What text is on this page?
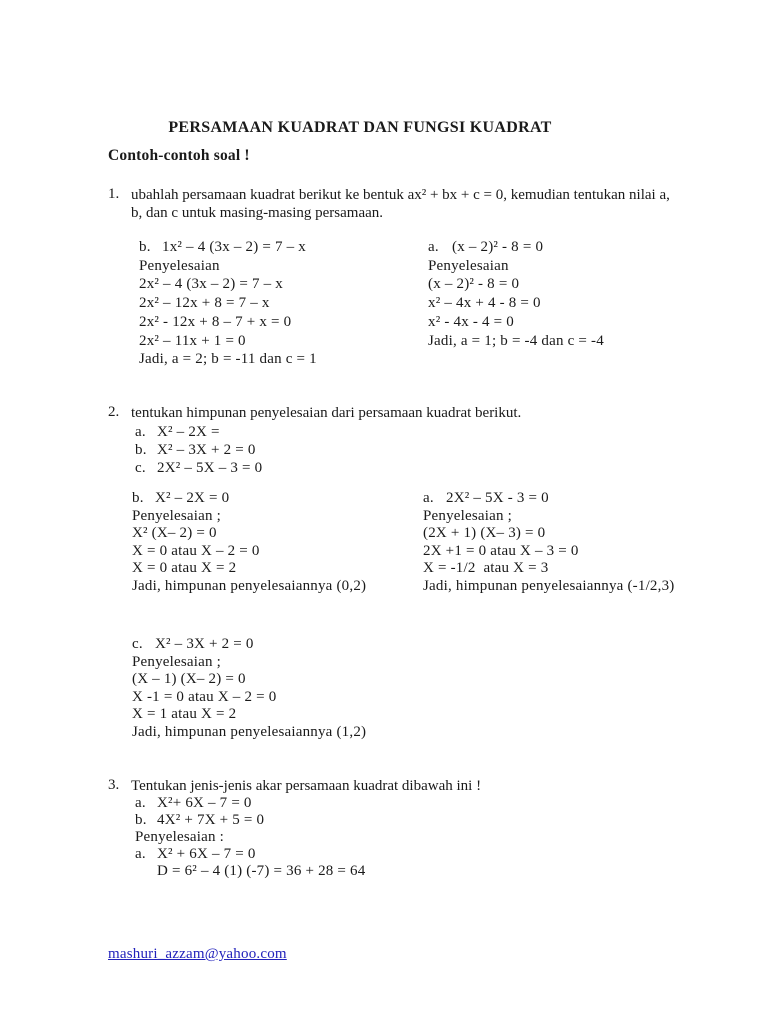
PERSAMAAN KUADRAT DAN FUNGSI KUADRAT
Contoh-contoh soal !
1. ubahlah persamaan kuadrat berikut ke bentuk ax² + bx + c = 0, kemudian tentukan nilai a, b, dan c untuk masing-masing persamaan.
b. 1x² – 4 (3x – 2) = 7 – x
Penyelesaian
2x² – 4 (3x – 2) = 7 – x
2x² – 12x + 8 = 7 – x
2x² - 12x + 8 – 7 + x = 0
2x² – 11x + 1 = 0
Jadi, a = 2; b = -11 dan c = 1
a. (x – 2)² - 8 = 0
Penyelesaian
(x – 2)² - 8 = 0
x² – 4x + 4 - 8 = 0
x² - 4x - 4 = 0
Jadi, a = 1; b = -4 dan c = -4
2. tentukan himpunan penyelesaian dari persamaan kuadrat berikut.
a. X² – 2X =
b. X² – 3X + 2 = 0
c. 2X² – 5X – 3 = 0
b. X² – 2X = 0
Penyelesaian ;
X² (X– 2) = 0
X = 0 atau X – 2 = 0
X = 0 atau X = 2
Jadi, himpunan penyelesaiannya (0,2)
a. 2X² – 5X - 3 = 0
Penyelesaian ;
(2X + 1) (X– 3) = 0
2X +1 = 0 atau X – 3 = 0
X = -1/2  atau X = 3
Jadi, himpunan penyelesaiannya (-1/2,3)
c. X² – 3X + 2 = 0
Penyelesaian ;
(X – 1) (X– 2) = 0
X -1 = 0 atau X – 2 = 0
X = 1 atau X = 2
Jadi, himpunan penyelesaiannya (1,2)
3. Tentukan jenis-jenis akar persamaan kuadrat dibawah ini !
a. X²+ 6X – 7 = 0
b. 4X² + 7X + 5 = 0
Penyelesaian :
a. X² + 6X – 7 = 0
D = 6² – 4 (1) (-7) = 36 + 28 = 64
mashuri_azzam@yahoo.com
